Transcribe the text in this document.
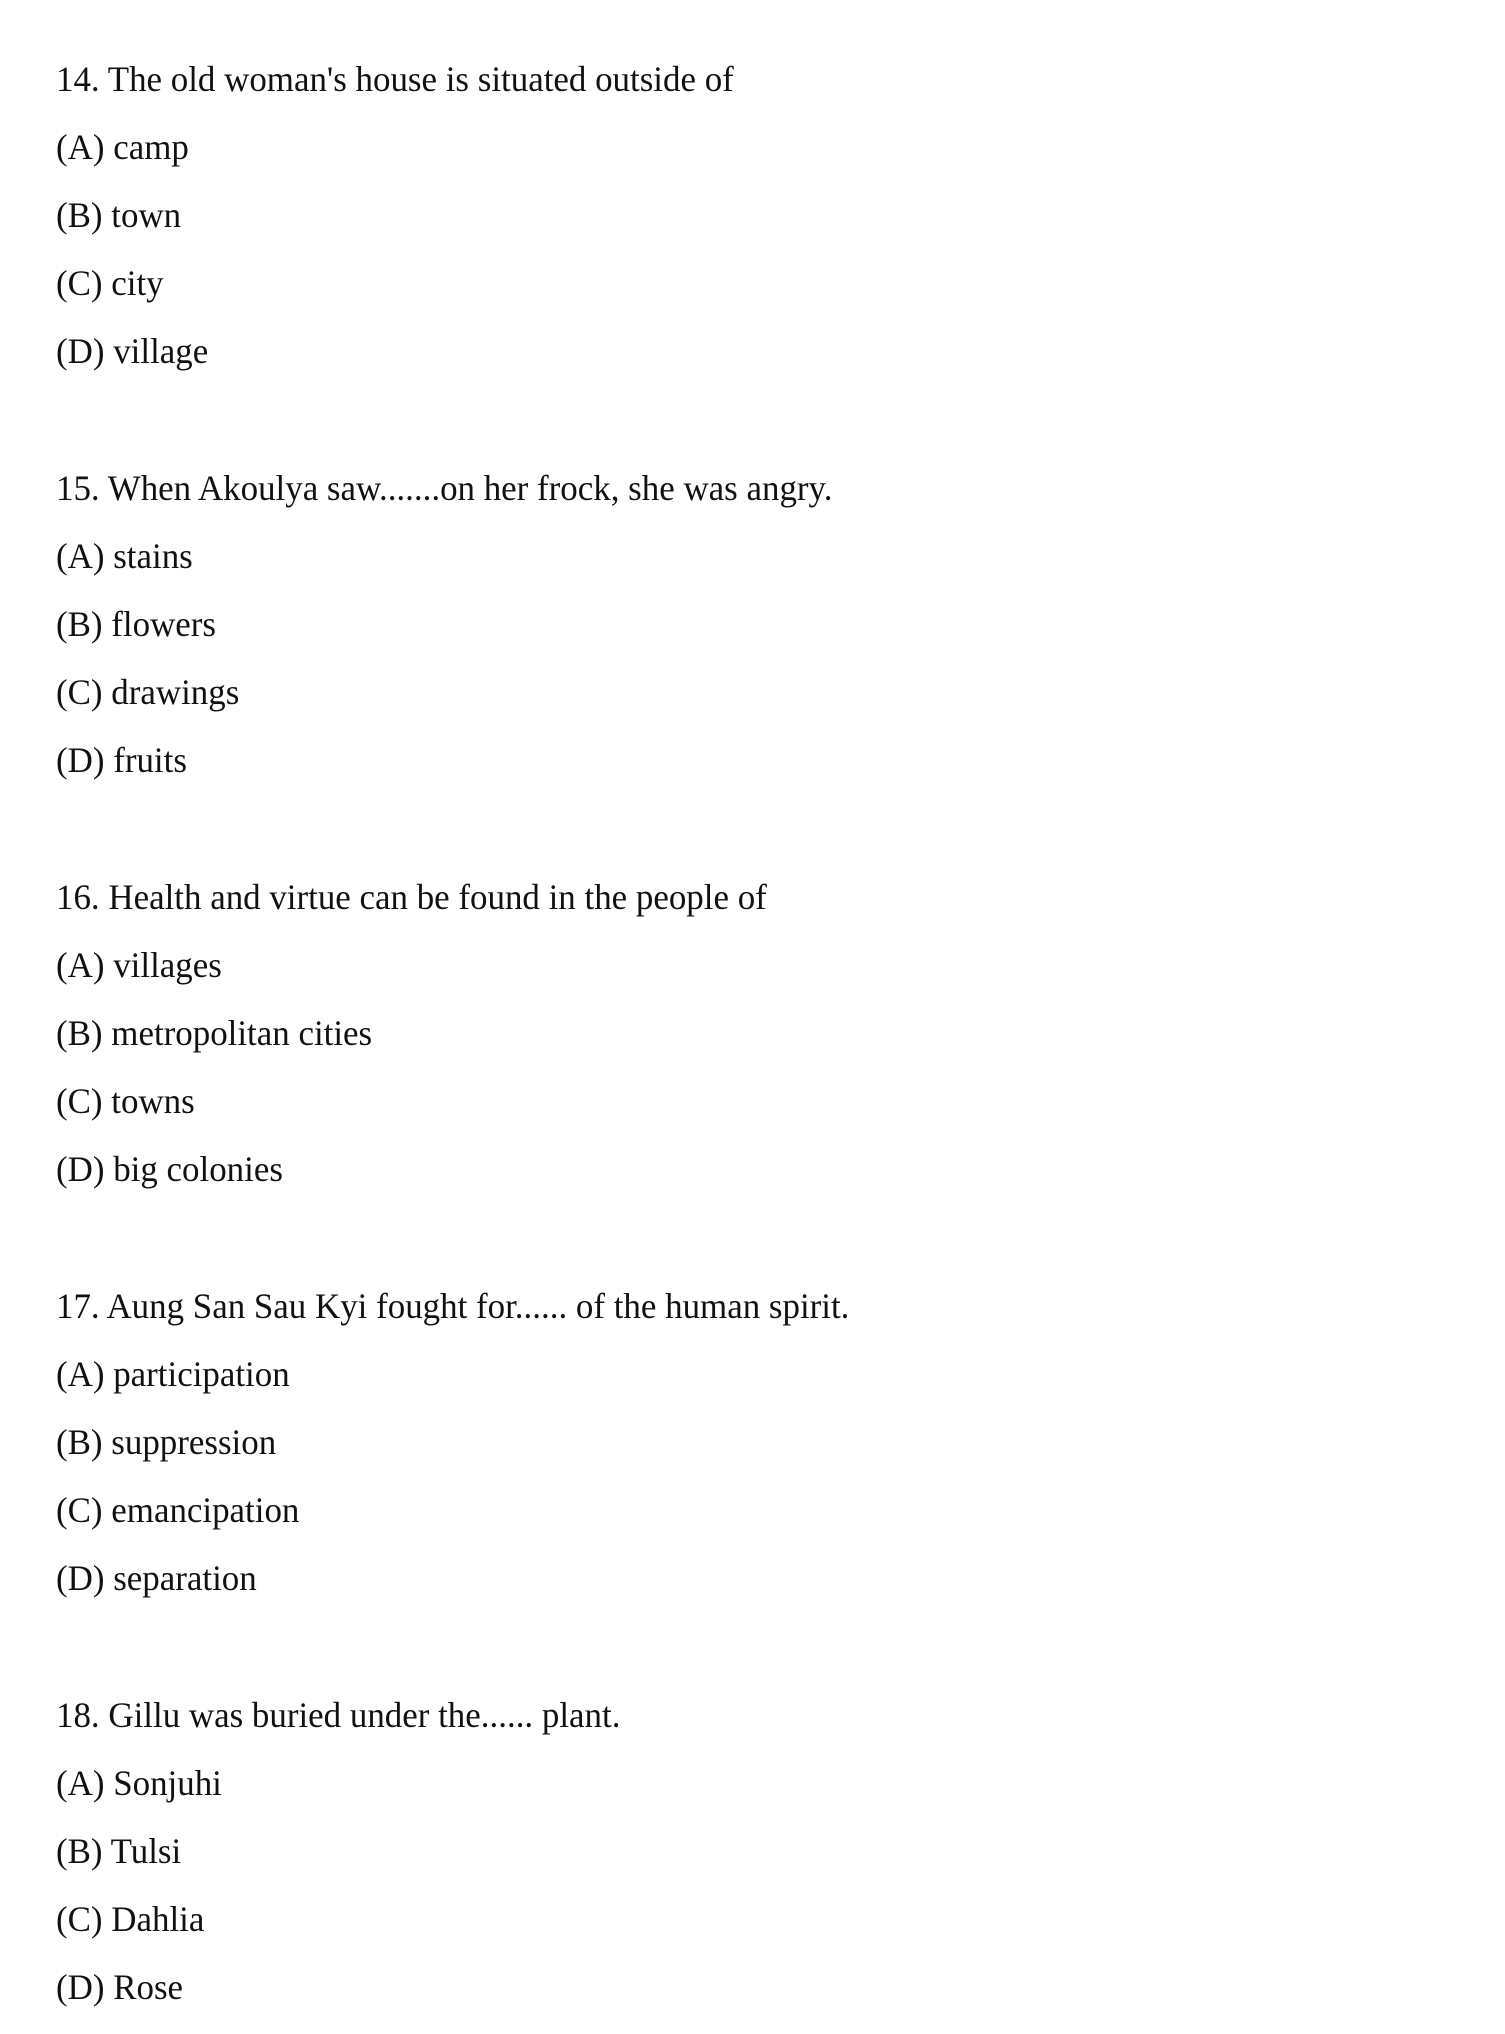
14. The old woman's house is situated outside of
(A) camp
(B) town
(C) city
(D) village
15. When Akoulya saw.......on her frock, she was angry.
(A) stains
(B) flowers
(C) drawings
(D) fruits
16. Health and virtue can be found in the people of
(A) villages
(B) metropolitan cities
(C) towns
(D) big colonies
17. Aung San Sau Kyi fought for...... of the human spirit.
(A) participation
(B) suppression
(C) emancipation
(D) separation
18. Gillu was buried under the...... plant.
(A) Sonjuhi
(B) Tulsi
(C) Dahlia
(D) Rose
